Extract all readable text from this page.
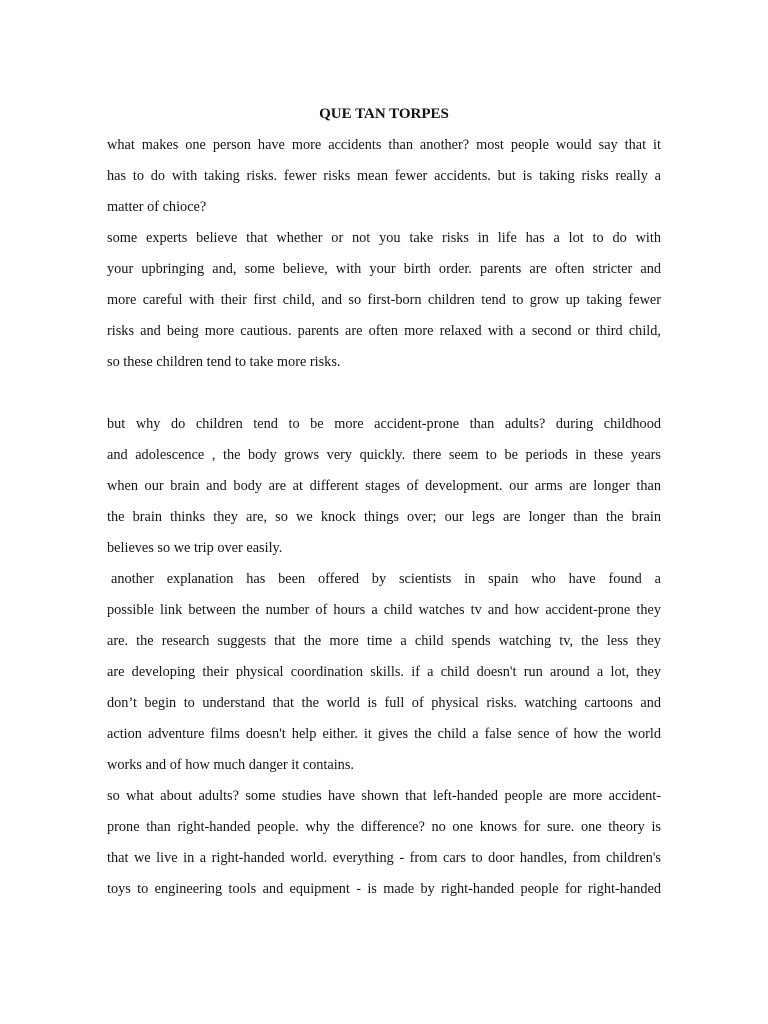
QUE TAN TORPES
what makes one person have more accidents than another? most people would say that it
has to do with taking risks. fewer risks mean fewer accidents. but is taking risks really a
matter of chioce?
some experts believe that whether or not you take risks in life has a lot to do with
your upbringing and, some believe, with your birth order. parents are often stricter and
more careful with their first child, and so first-born children tend to grow up taking fewer
risks and being more cautious. parents are often more relaxed with a second or third child,
so these children tend to take more risks.
but why do children tend to be more accident-prone than adults? during childhood
and adolescence , the body grows very quickly. there seem to be periods in these years
when our brain and body are at different stages of development. our arms are longer than
the brain thinks they are, so we knock things over; our legs are longer than the brain
believes so we trip over easily.
another explanation has been offered by scientists in spain who have found a
possible link between the number of hours a child watches tv and how accident-prone they
are. the research suggests that the more time a child spends watching tv, the less they
are developing their physical coordination skills. if a child doesn't run around a lot, they
don’t begin to understand that the world is full of physical risks. watching cartoons and
action adventure films doesn't help either. it gives the child a false sence of how the world
works and of how much danger it contains.
so what about adults? some studies have shown that left-handed people are more accident-
prone than right-handed people. why the difference? no one knows for sure. one theory is
that we live in a right-handed world. everything - from cars to door handles, from children's
toys to engineering tools and equipment - is made by right-handed people for right-handed
